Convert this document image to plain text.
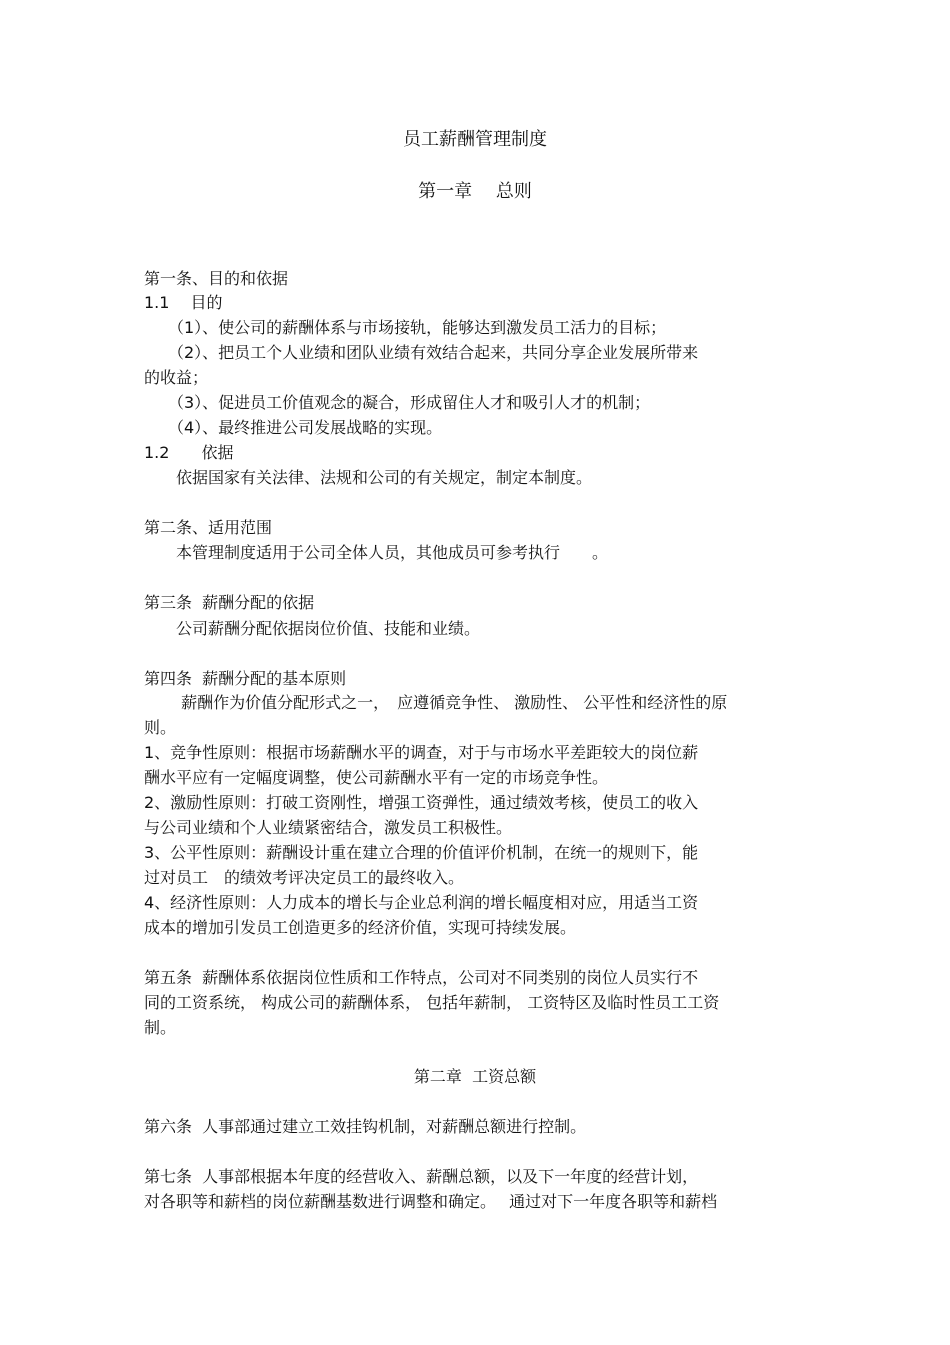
员工薪酬管理制度
第一章　 总则
第一条、目的和依据
1.1　 目的
　　（1）、使公司的薪酬体系与市场接轨，能够达到激发员工活力的目标；
　　（2）、把员工个人业绩和团队业绩有效结合起来，共同分享企业发展所带来
的收益；
　　（3）、促进员工价值观念的凝合，形成留住人才和吸引人才的机制；
　　（4）、最终推进公司发展战略的实现。
1.2　　依据
　　依据国家有关法律、法规和公司的有关规定，制定本制度。
第二条、适用范围
　　本管理制度适用于公司全体人员，其他成员可参考执行　　。
第三条  薪酬分配的依据
　　公司薪酬分配依据岗位价值、技能和业绩。
第四条  薪酬分配的基本原则
　　 薪酬作为价值分配形式之一，　应遵循竞争性、 激励性、 公平性和经济性的原
则。
1、竞争性原则：根据市场薪酬水平的调查，对于与市场水平差距较大的岗位薪
酬水平应有一定幅度调整，使公司薪酬水平有一定的市场竞争性。
2、激励性原则：打破工资刚性，增强工资弹性，通过绩效考核，使员工的收入
与公司业绩和个人业绩紧密结合，激发员工积极性。
3、公平性原则：薪酬设计重在建立合理的价值评价机制，在统一的规则下，能
过对员工　的绩效考评决定员工的最终收入。
4、经济性原则：人力成本的增长与企业总利润的增长幅度相对应，用适当工资
成本的增加引发员工创造更多的经济价值，实现可持续发展。
第五条  薪酬体系依据岗位性质和工作特点，公司对不同类别的岗位人员实行不
同的工资系统， 构成公司的薪酬体系， 包括年薪制， 工资特区及临时性员工工资
制。
第二章  工资总额
第六条  人事部通过建立工效挂钩机制，对薪酬总额进行控制。
第七条  人事部根据本年度的经营收入、薪酬总额，以及下一年度的经营计划，
对各职等和薪档的岗位薪酬基数进行调整和确定。　 通过对下一年度各职等和薪档
